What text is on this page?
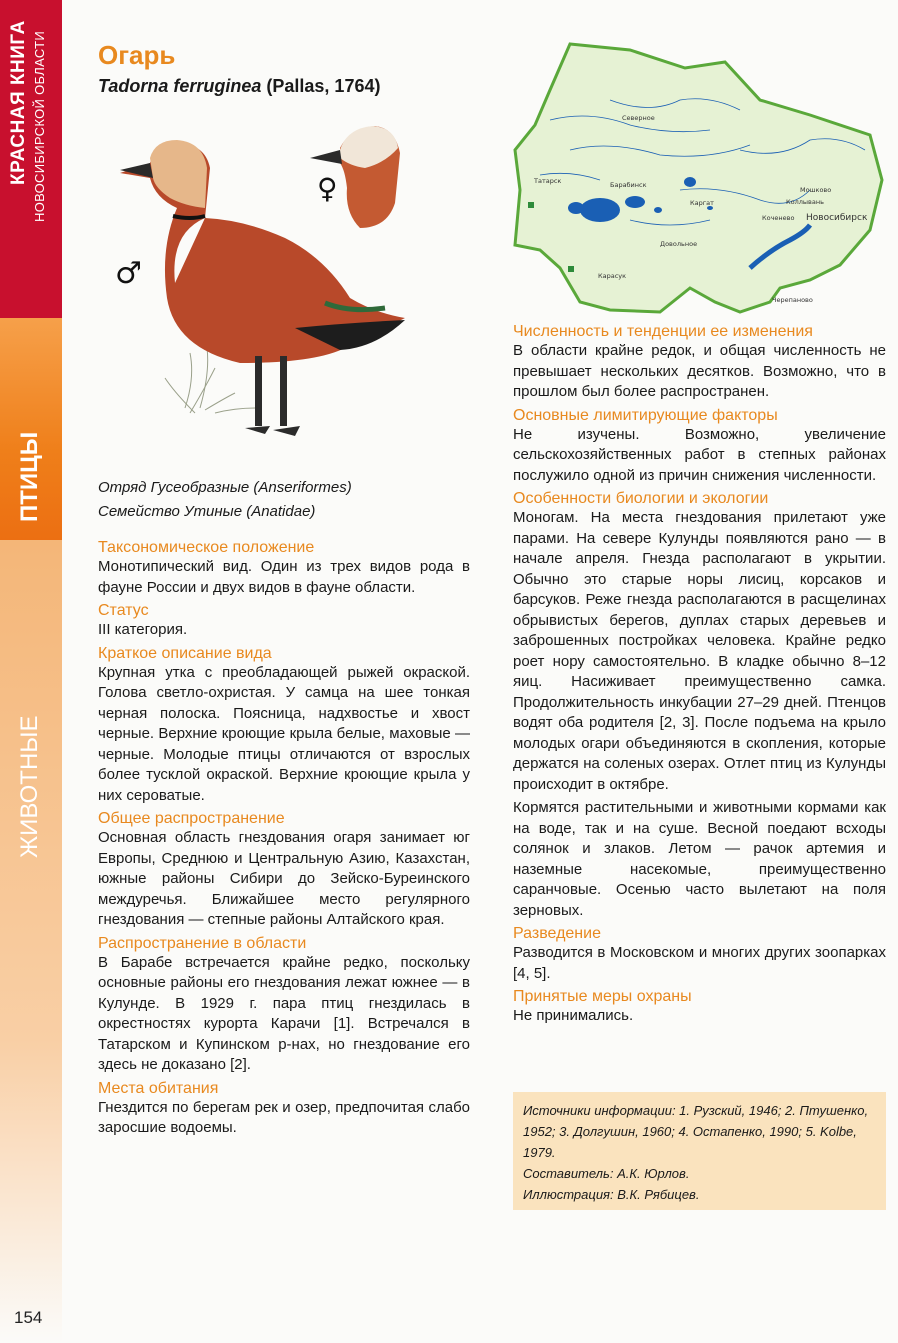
КРАСНАЯ КНИГА НОВОСИБИРСКОЙ ОБЛАСТИ
ПТИЦЫ
ЖИВОТНЫЕ
Огарь
Tadorna ferruginea (Pallas, 1764)
♂
♀
Отряд Гусеобразные (Anseriformes)
Семейство Утиные (Anatidae)
Северное
Татарск	Барабинск
Каргат
Мошково
Коченево
Коллывань
Новосибирск
Довольное
Карасук
Черепаново
Таксономическое положение

Монотипический вид. Один из трех видов рода в фауне России и двух видов в фауне области.

Статус

III категория.

Краткое описание вида

Крупная утка с преобладающей рыжей окраской. Голова светло-охристая. У самца на шее тонкая черная полоска. Поясница, надхвостье и хвост черные. Верхние кроющие крыла белые, маховые — черные. Молодые птицы отличаются от взрослых более тусклой окраской. Верхние кроющие крыла у них сероватые.

Общее распространение

Основная область гнездования огаря занимает юг Европы, Среднюю и Центральную Азию, Казахстан, южные районы Сибири до Зейско-Буреинского междуречья. Ближайшее место регулярного гнездования — степные районы Алтайского края.

Распространение в области

В Барабе встречается крайне редко, поскольку основные районы его гнездования лежат южнее — в Кулунде. В 1929 г. пара птиц гнездилась в окрестностях курорта Карачи [1]. Встречался в Татарском и Купинском р-нах, но гнездование его здесь не доказано [2].

Места обитания

Гнездится по берегам рек и озер, предпочитая слабо заросшие водоемы.

Численность и тенденции ее изменения

В области крайне редок, и общая численность не превышает нескольких десятков. Возможно, что в прошлом был более распространен.

Основные лимитирующие факторы

Не изучены. Возможно, увеличение сельскохозяйственных работ в степных районах послужило одной из причин снижения численности.

Особенности биологии и экологии

Моногам. На места гнездования прилетают уже парами. На севере Кулунды появляются рано — в начале апреля. Гнезда располагают в укрытии. Обычно это старые норы лисиц, корсаков и барсуков. Реже гнезда располагаются в расщелинах обрывистых берегов, дуплах старых деревьев и заброшенных постройках человека. Крайне редко роет нору самостоятельно. В кладке обычно 8–12 яиц. Насиживает преимущественно самка. Продолжительность инкубации 27–29 дней. Птенцов водят оба родителя [2, 3]. После подъема на крыло молодых огари объединяются в скопления, которые держатся на соленых озерах. Отлет птиц из Кулунды происходит в октябре.

Кормятся растительными и животными кормами как на воде, так и на суше. Весной поедают всходы солянок и злаков. Летом — рачок артемия и наземные насекомые, преимущественно саранчовые. Осенью часто вылетают на поля зерновых.

Разведение

Разводится в Московском и многих других зоопарках [4, 5].

Принятые меры охраны

Не принимались.

Источники информации: 1. Рузский, 1946; 2. Птушенко, 1952; 3. Долгушин, 1960; 4. Остапенко, 1990; 5. Kolbe, 1979.

Составитель: А.К. Юрлов.

Иллюстрация: В.К. Рябицев.

154
